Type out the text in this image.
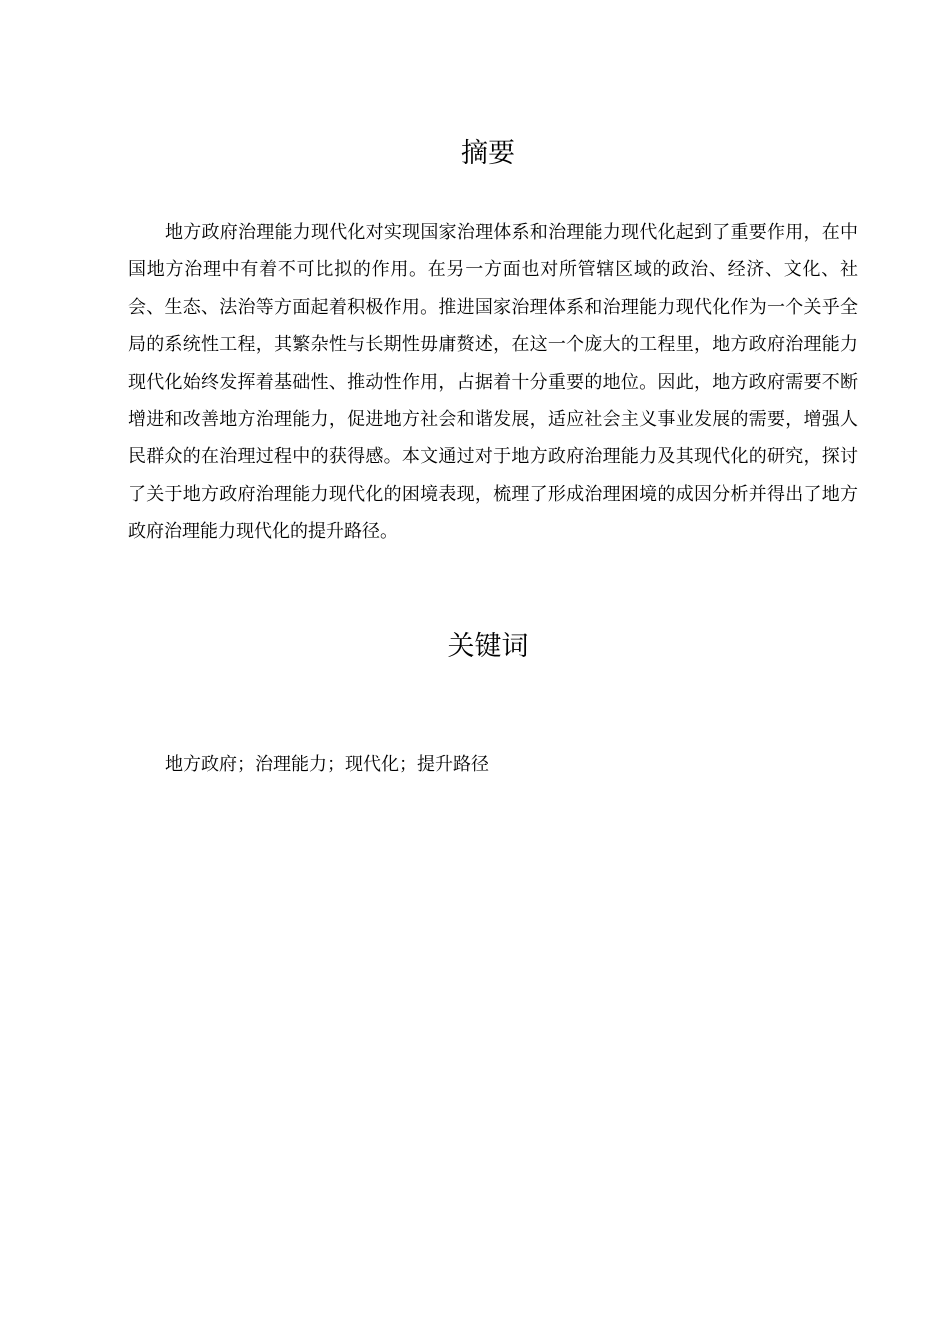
摘要

地方政府治理能力现代化对实现国家治理体系和治理能力现代化起到了重要作用，在中国地方治理中有着不可比拟的作用。在另一方面也对所管辖区域的政治、经济、文化、社会、生态、法治等方面起着积极作用。推进国家治理体系和治理能力现代化作为一个关乎全局的系统性工程，其繁杂性与长期性毋庸赘述，在这一个庞大的工程里，地方政府治理能力现代化始终发挥着基础性、推动性作用，占据着十分重要的地位。因此，地方政府需要不断增进和改善地方治理能力，促进地方社会和谐发展，适应社会主义事业发展的需要，增强人民群众的在治理过程中的获得感。本文通过对于地方政府治理能力及其现代化的研究，探讨了关于地方政府治理能力现代化的困境表现，梳理了形成治理困境的成因分析并得出了地方政府治理能力现代化的提升路径。

关键词

地方政府；治理能力；现代化；提升路径
